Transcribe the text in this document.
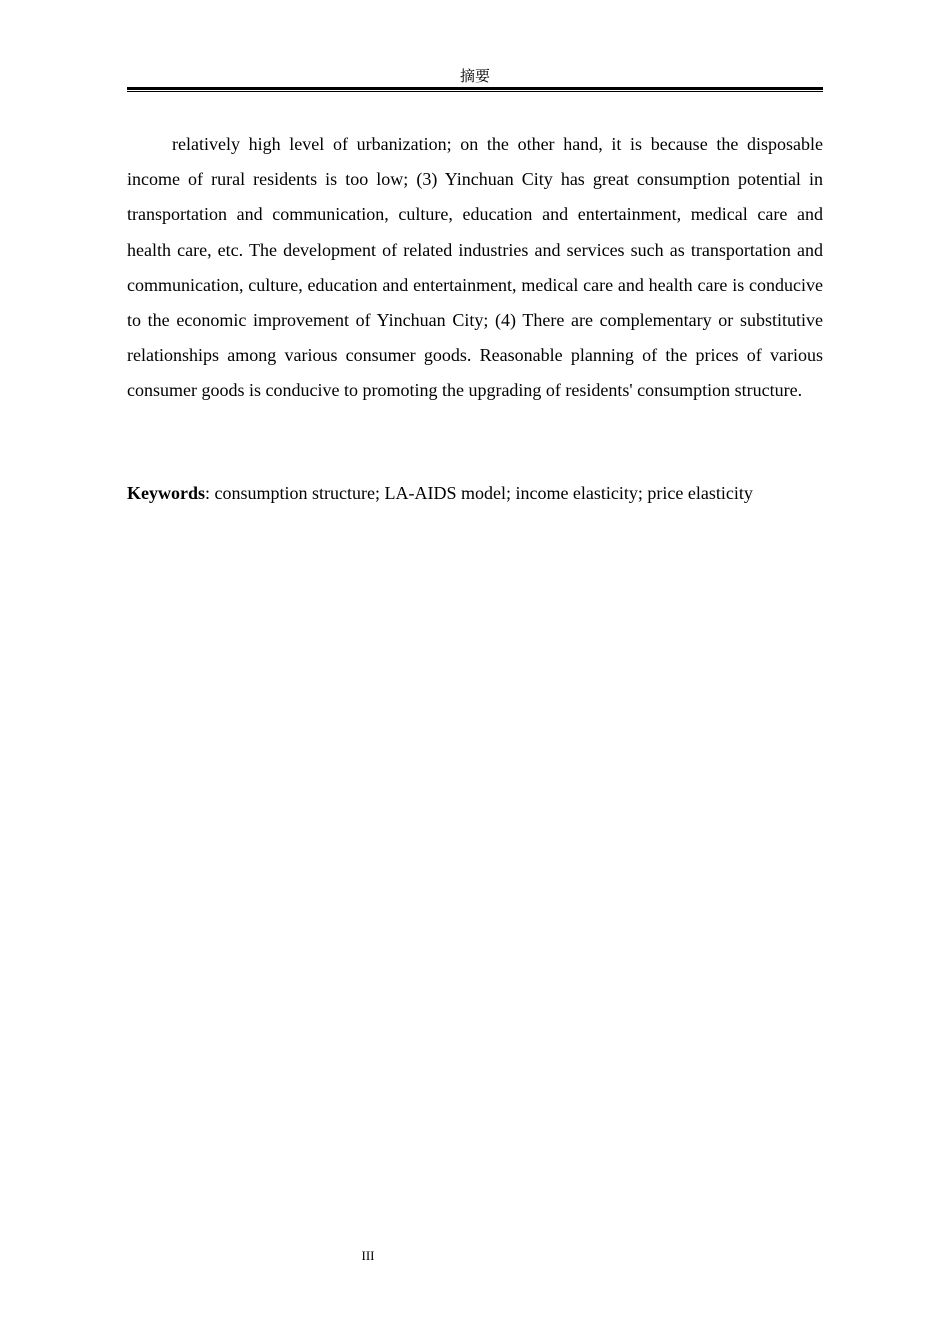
摘要

relatively high level of urbanization; on the other hand, it is because the disposable income of rural residents is too low; (3) Yinchuan City has great consumption potential in transportation and communication, culture, education and entertainment, medical care and health care, etc. The development of related industries and services such as transportation and communication, culture, education and entertainment, medical care and health care is conducive to the economic improvement of Yinchuan City; (4) There are complementary or substitutive relationships among various consumer goods. Reasonable planning of the prices of various consumer goods is conducive to promoting the upgrading of residents' consumption structure.

Keywords: consumption structure; LA-AIDS model; income elasticity; price elasticity

III
